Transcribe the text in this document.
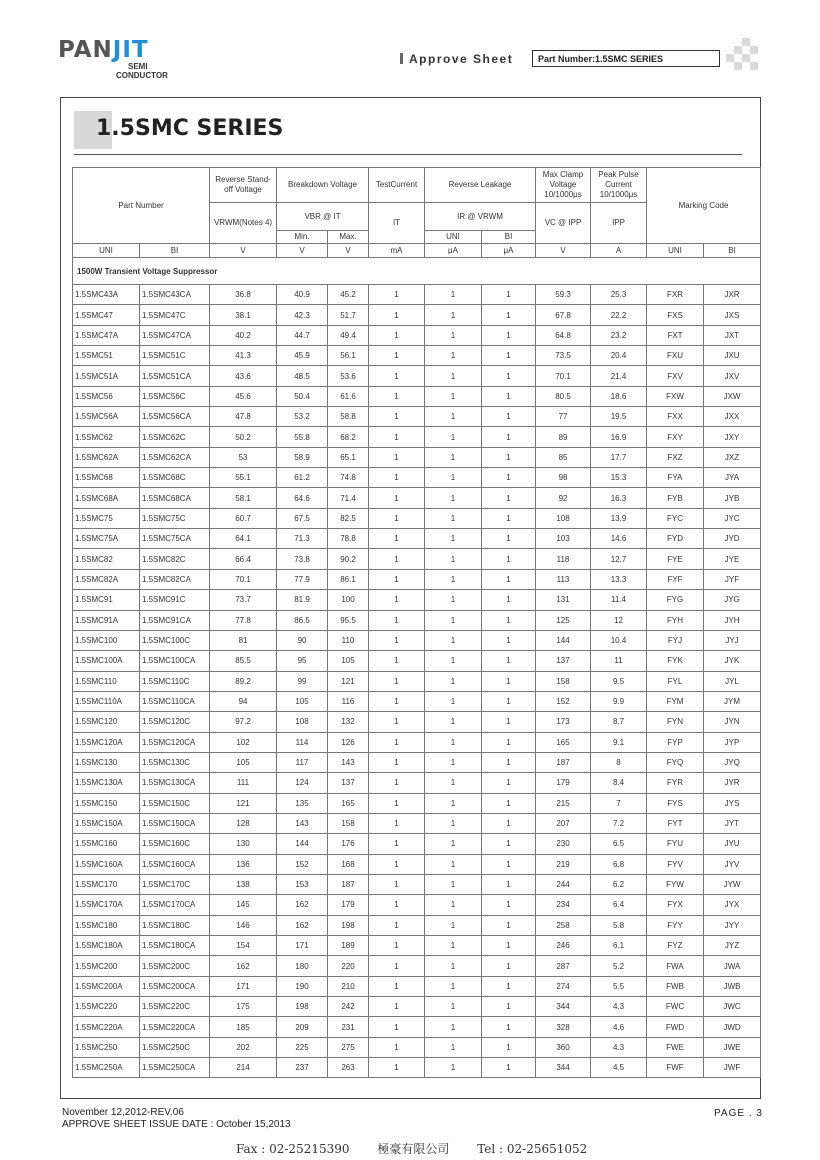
PANJIT
SEMI
CONDUCTOR
Approve Sheet	Part Number:1.5SMC SERIES
1.5SMC SERIES
Part Number		Reverse Stand-off Voltage	Breakdown Voltage		TestCurrent	Reverse Leakage		Max Clamp Voltage 10/1000μs	Peak Pulse Current 10/1000μs	Marking Code	
		VRWM(Notes 4)	VBR @ IT		IT	IR @ VRWM		VC @ IPP	IPP		
			Min.	Max.		UNI	BI				
UNI	BI	V	V	V	mA	μA	μA	V	A	UNI	BI
1500W Transient Voltage Suppressor											
1.5SMC43A	1.5SMC43CA	36.8	40.9	45.2	1	1	1	59.3	25.3	FXR	JXR
1.5SMC47	1.5SMC47C	38.1	42.3	51.7	1	1	1	67.8	22.2	FXS	JXS
1.5SMC47A	1.5SMC47CA	40.2	44.7	49.4	1	1	1	64.8	23.2	FXT	JXT
1.5SMC51	1.5SMC51C	41.3	45.9	56.1	1	1	1	73.5	20.4	FXU	JXU
1.5SMC51A	1.5SMC51CA	43.6	48.5	53.6	1	1	1	70.1	21.4	FXV	JXV
1.5SMC56	1.5SMC56C	45.6	50.4	61.6	1	1	1	80.5	18.6	FXW	JXW
1.5SMC56A	1.5SMC56CA	47.8	53.2	58.8	1	1	1	77	19.5	FXX	JXX
1.5SMC62	1.5SMC62C	50.2	55.8	68.2	1	1	1	89	16.9	FXY	JXY
1.5SMC62A	1.5SMC62CA	53	58.9	65.1	1	1	1	85	17.7	FXZ	JXZ
1.5SMC68	1.5SMC68C	55.1	61.2	74.8	1	1	1	98	15.3	FYA	JYA
1.5SMC68A	1.5SMC68CA	58.1	64.6	71.4	1	1	1	92	16.3	FYB	JYB
1.5SMC75	1.5SMC75C	60.7	67.5	82.5	1	1	1	108	13.9	FYC	JYC
1.5SMC75A	1.5SMC75CA	64.1	71.3	78.8	1	1	1	103	14.6	FYD	JYD
1.5SMC82	1.5SMC82C	66.4	73.8	90.2	1	1	1	118	12.7	FYE	JYE
1.5SMC82A	1.5SMC82CA	70.1	77.9	86.1	1	1	1	113	13.3	FYF	JYF
1.5SMC91	1.5SMC91C	73.7	81.9	100	1	1	1	131	11.4	FYG	JYG
1.5SMC91A	1.5SMC91CA	77.8	86.5	95.5	1	1	1	125	12	FYH	JYH
1.5SMC100	1.5SMC100C	81	90	110	1	1	1	144	10.4	FYJ	JYJ
1.5SMC100A	1.5SMC100CA	85.5	95	105	1	1	1	137	11	FYK	JYK
1.5SMC110	1.5SMC110C	89.2	99	121	1	1	1	158	9.5	FYL	JYL
1.5SMC110A	1.5SMC110CA	94	105	116	1	1	1	152	9.9	FYM	JYM
1.5SMC120	1.5SMC120C	97.2	108	132	1	1	1	173	8.7	FYN	JYN
1.5SMC120A	1.5SMC120CA	102	114	126	1	1	1	165	9.1	FYP	JYP
1.5SMC130	1.5SMC130C	105	117	143	1	1	1	187	8	FYQ	JYQ
1.5SMC130A	1.5SMC130CA	111	124	137	1	1	1	179	8.4	FYR	JYR
1.5SMC150	1.5SMC150C	121	135	165	1	1	1	215	7	FYS	JYS
1.5SMC150A	1.5SMC150CA	128	143	158	1	1	1	207	7.2	FYT	JYT
1.5SMC160	1.5SMC160C	130	144	176	1	1	1	230	6.5	FYU	JYU
1.5SMC160A	1.5SMC160CA	136	152	168	1	1	1	219	6.8	FYV	JYV
1.5SMC170	1.5SMC170C	138	153	187	1	1	1	244	6.2	FYW	JYW
1.5SMC170A	1.5SMC170CA	145	162	179	1	1	1	234	6.4	FYX	JYX
1.5SMC180	1.5SMC180C	146	162	198	1	1	1	258	5.8	FYY	JYY
1.5SMC180A	1.5SMC180CA	154	171	189	1	1	1	246	6.1	FYZ	JYZ
1.5SMC200	1.5SMC200C	162	180	220	1	1	1	287	5.2	FWA	JWA
1.5SMC200A	1.5SMC200CA	171	190	210	1	1	1	274	5.5	FWB	JWB
1.5SMC220	1.5SMC220C	175	198	242	1	1	1	344	4.3	FWC	JWC
1.5SMC220A	1.5SMC220CA	185	209	231	1	1	1	328	4.6	FWD	JWD
1.5SMC250	1.5SMC250C	202	225	275	1	1	1	360	4.3	FWE	JWE
1.5SMC250A	1.5SMC250CA	214	237	263	1	1	1	344	4.5	FWF	JWF
November 12,2012-REV.06
APPROVE SHEET ISSUE DATE : October 15,2013
PAGE . 3
Fax : 02-25215390 極豪有限公司 Tel : 02-25651052
